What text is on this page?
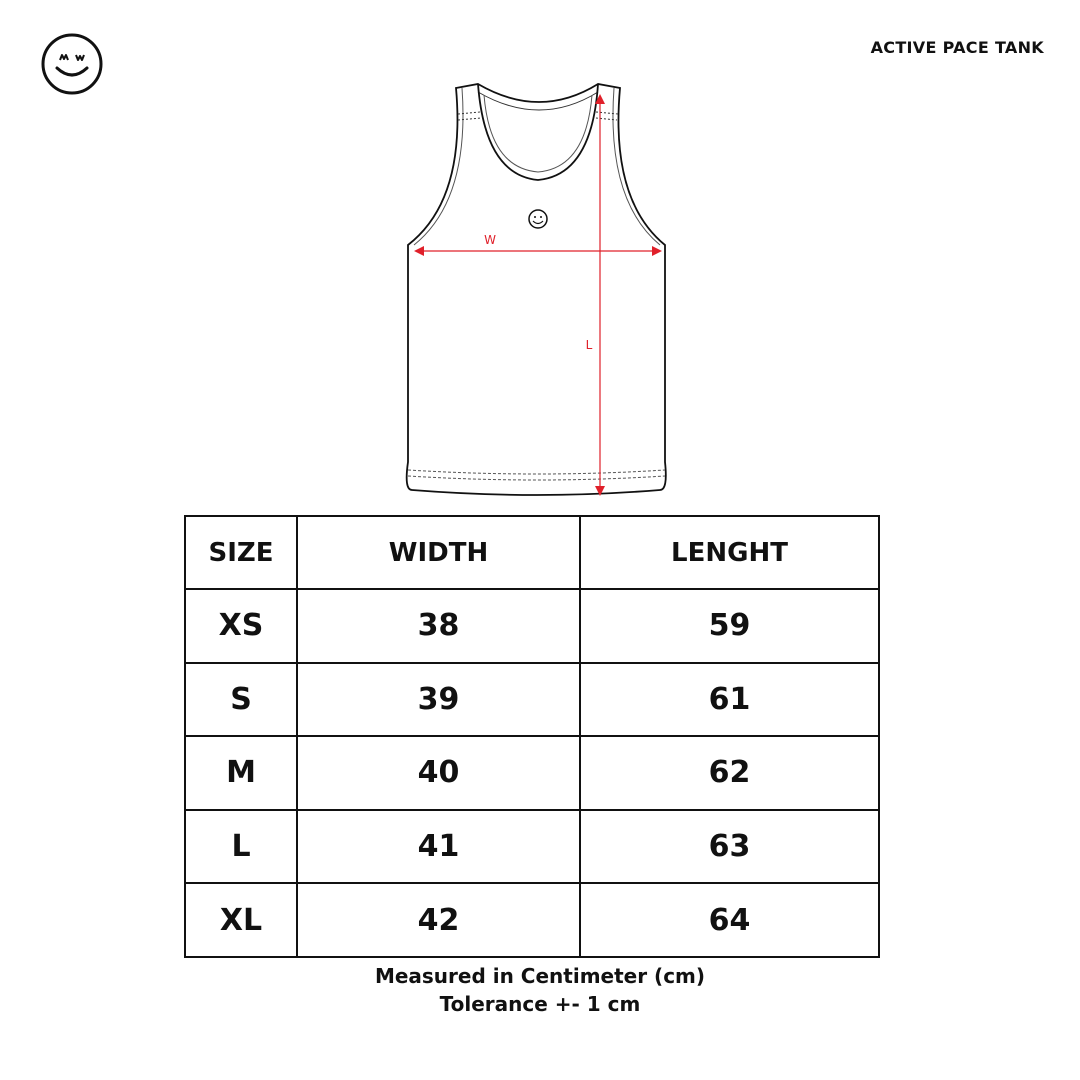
ACTIVE PACE TANK
W
L
SIZE	WIDTH	LENGHT
XS	38	59
S	39	61
M	40	62
L	41	63
XL	42	64
Measured in Centimeter (cm)
Tolerance +- 1 cm
